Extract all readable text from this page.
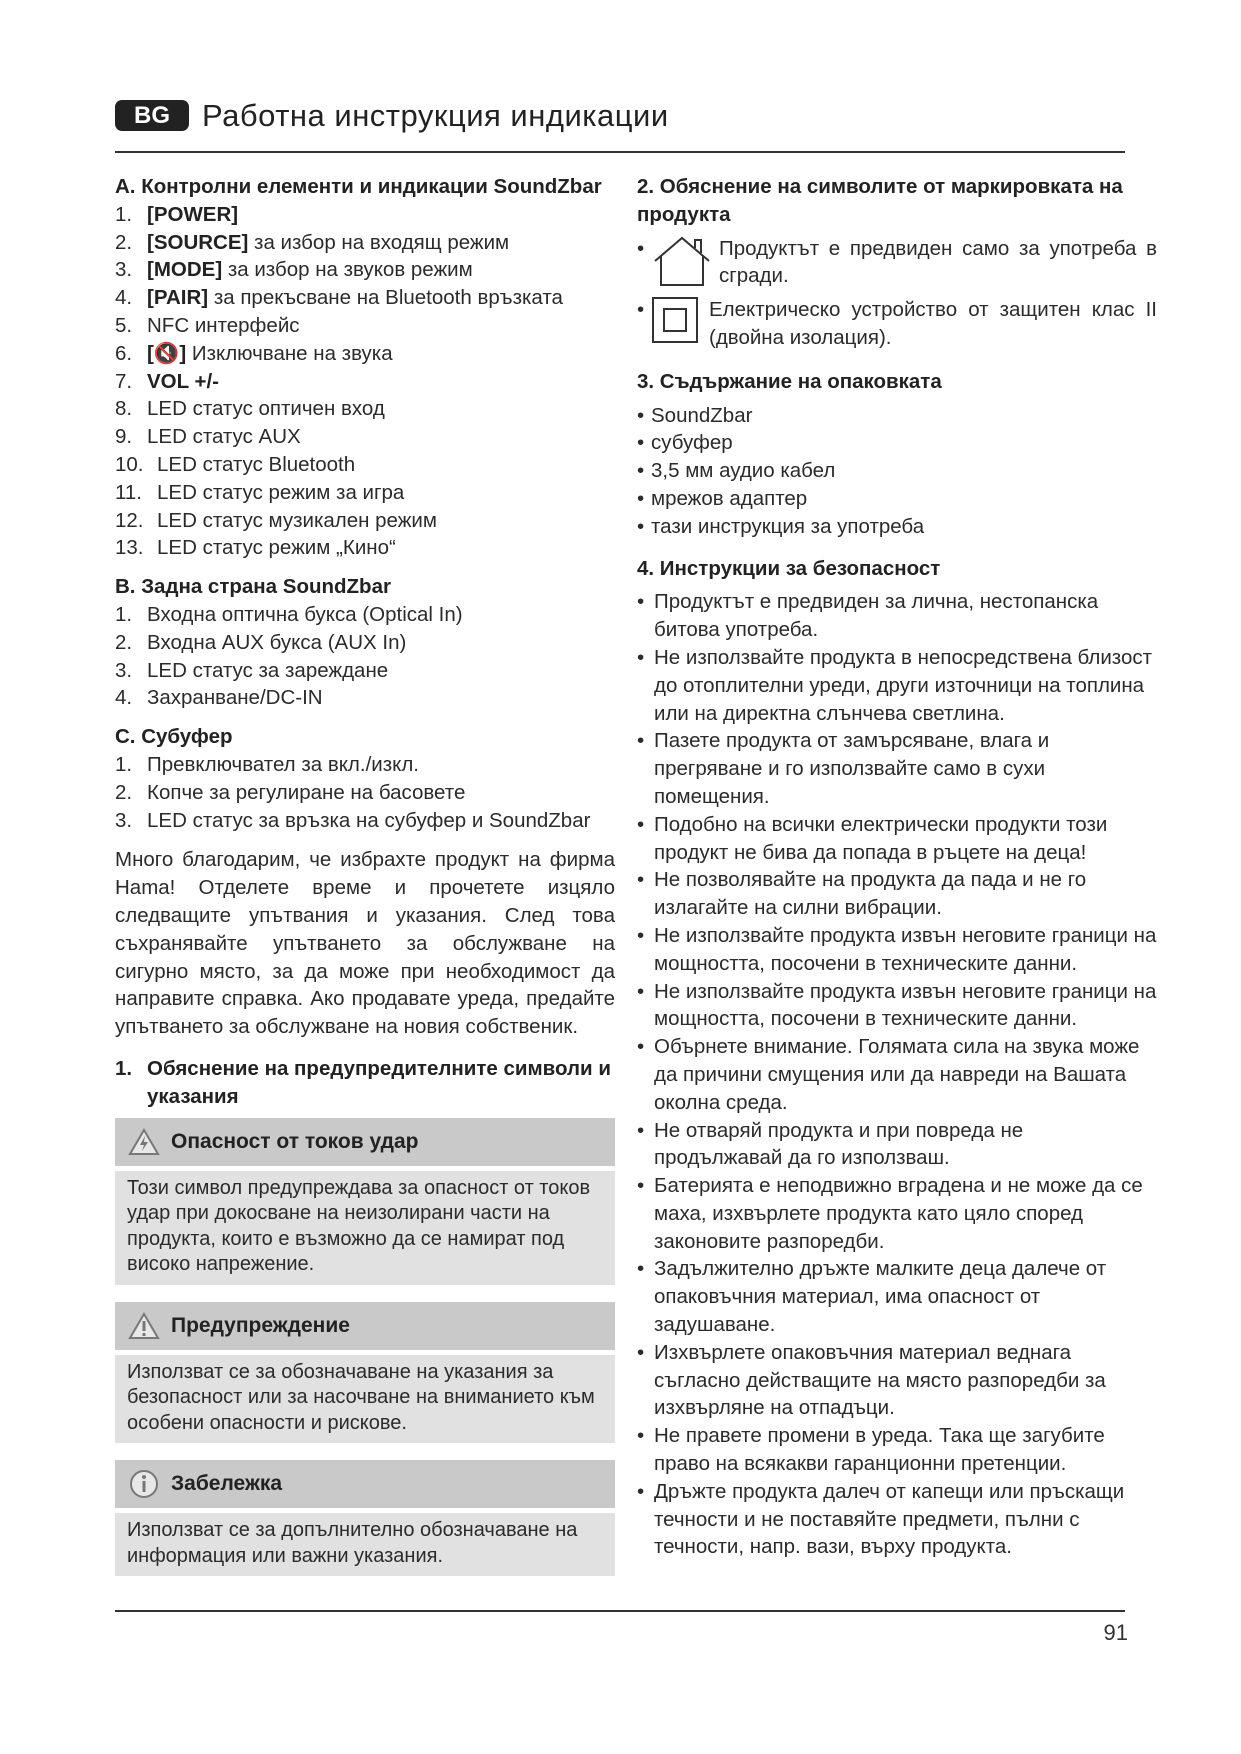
BG	Работна инструкция индикации
A. Контролни елементи и индикации SoundZbar
1. [POWER]
2. [SOURCE] за избор на входящ режим
3. [MODE] за избор на звуков режим
4. [PAIR] за прекъсване на Bluetooth връзката
5. NFC интерфейс
6. [🔇] Изключване на звука
7. VOL +/-
8. LED статус оптичен вход
9. LED статус AUX
10. LED статус Bluetooth
11. LED статус режим за игра
12. LED статус музикален режим
13. LED статус режим „Кино“
B. Задна страна SoundZbar
1. Входна оптична букса (Optical In)
2. Входна AUX букса (AUX In)
3. LED статус за зареждане
4. Захранване/DC-IN
C. Субуфер
1. Превключвател за вкл./изкл.
2. Копче за регулиране на басовете
3. LED статус за връзка на субуфер и SoundZbar
Много благодарим, че избрахте продукт на фирма Hama! Отделете време и прочетете изцяло следващите упътвания и указания. След това съхранявайте упътването за обслужване на сигурно място, за да може при необходимост да направите справка. Ако продавате уреда, предайте упътването за обслужване на новия собственик.
1. Обяснение на предупредителните символи и указания
Опасност от токов удар
Този символ предупреждава за опасност от токов удар при докосване на неизолирани части на продукта, които е възможно да се намират под високо напрежение.
Предупреждение
Използват се за обозначаване на указания за безопасност или за насочване на вниманието към особени опасности и рискове.
Забележка
Използват се за допълнително обозначаване на информация или важни указания.
2. Обяснение на символите от маркировката на продукта
•	Продуктът е предвиден само за употреба в сгради.
•	Електрическо устройство от защитен клас II (двойна изолация).
3. Съдържание на опаковката
• SoundZbar
• субуфер
• 3,5 мм аудио кабел
• мрежов адаптер
• тази инструкция за употреба
4. Инструкции за безопасност
• Продуктът е предвиден за лична, нестопанска битова употреба.
• Не използвайте продукта в непосредствена близост до отоплителни уреди, други източници на топлина или на директна слънчева светлина.
• Пазете продукта от замърсяване, влага и прегряване и го използвайте само в сухи помещения.
• Подобно на всички електрически продукти този продукт не бива да попада в ръцете на деца!
• Не позволявайте на продукта да пада и не го излагайте на силни вибрации.
• Не използвайте продукта извън неговите граници на мощността, посочени в техническите данни.
• Не използвайте продукта извън неговите граници на мощността, посочени в техническите данни.
• Обърнете внимание. Голямата сила на звука може да причини смущения или да навреди на Вашата околна среда.
• Не отваряй продукта и при повреда не продължавай да го използваш.
• Батерията е неподвижно вградена и не може да се маха, изхвърлете продукта като цяло според законовите разпоредби.
• Задължително дръжте малките деца далече от опаковъчния материал, има опасност от задушаване.
• Изхвърлете опаковъчния материал веднага съгласно действащите на място разпоредби за изхвърляне на отпадъци.
• Не правете промени в уреда. Така ще загубите право на всякакви гаранционни претенции.
• Дръжте продукта далеч от капещи или пръскащи течности и не поставяйте предмети, пълни с течности, напр. вази, върху продукта.
91
